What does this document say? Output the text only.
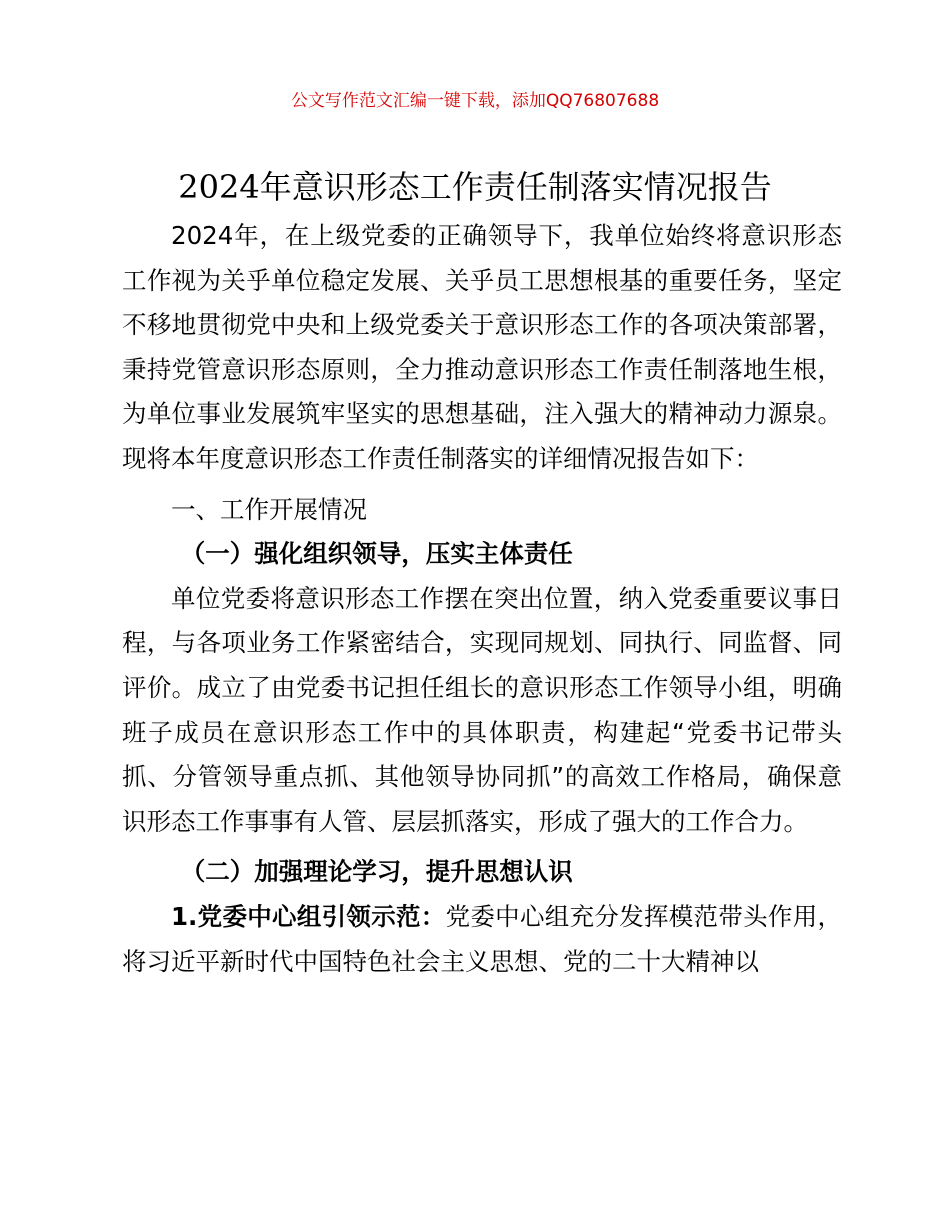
公文写作范文汇编一键下载，添加QQ76807688
2024年意识形态工作责任制落实情况报告

2024年，在上级党委的正确领导下，我单位始终将意识形态工作视为关乎单位稳定发展、关乎员工思想根基的重要任务，坚定不移地贯彻党中央和上级党委关于意识形态工作的各项决策部署，秉持党管意识形态原则，全力推动意识形态工作责任制落地生根，为单位事业发展筑牢坚实的思想基础，注入强大的精神动力源泉。现将本年度意识形态工作责任制落实的详细情况报告如下：

一、工作开展情况

（一）强化组织领导，压实主体责任

单位党委将意识形态工作摆在突出位置，纳入党委重要议事日程，与各项业务工作紧密结合，实现同规划、同执行、同监督、同评价。成立了由党委书记担任组长的意识形态工作领导小组，明确班子成员在意识形态工作中的具体职责，构建起“党委书记带头抓、分管领导重点抓、其他领导协同抓”的高效工作格局，确保意识形态工作事事有人管、层层抓落实，形成了强大的工作合力。

（二）加强理论学习，提升思想认识

1.党委中心组引领示范：党委中心组充分发挥模范带头作用，将习近平新时代中国特色社会主义思想、党的二十大精神以
